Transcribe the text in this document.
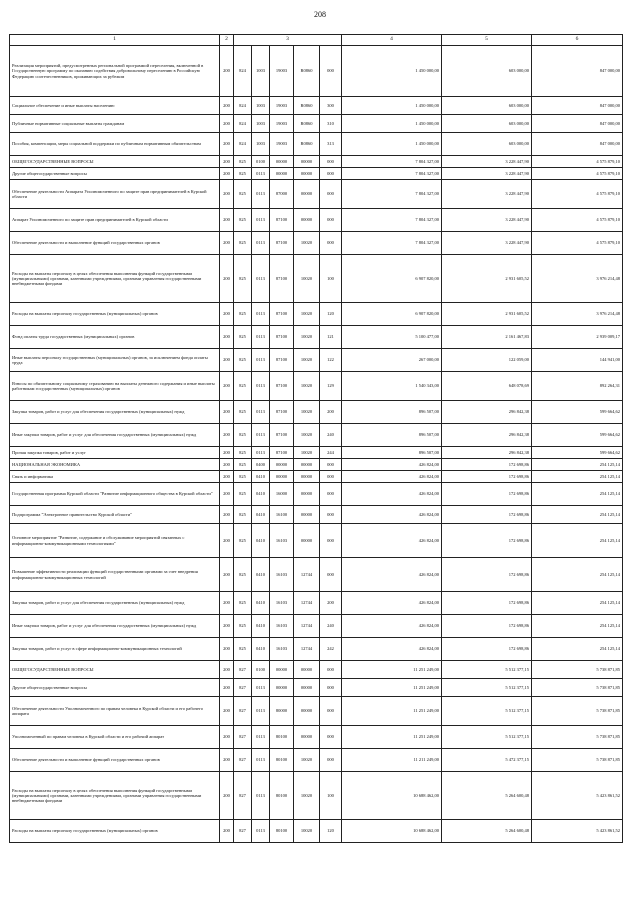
208
1	2	3					4	5	6
Реализация мероприятий, предусмотренных региональной программой переселения, включенной в Государственную программу по оказанию содействия добровольному переселению в Российскую Федерацию соотечественников, проживающих за рубежом	200	824	1003	19003	R0860	000	1 450 000,00	603 000,00	847 000,00
Социальное обеспечение и иные выплаты населению	200	824	1003	19003	R0860	300	1 450 000,00	603 000,00	847 000,00
Публичные нормативные социальные выплаты гражданам	200	824	1003	19003	R0860	310	1 450 000,00	603 000,00	847 000,00
Пособия, компенсации, меры социальной поддержки по публичным нормативным обязательствам	200	824	1003	19003	R0860	313	1 450 000,00	603 000,00	847 000,00
ОБЩЕГОСУДАРСТВЕННЫЕ ВОПРОСЫ	200	825	0100	00000	00000	000	7 804 327,00	3 228 447,90	4 575 879,10
Другие общегосударственные вопросы	200	825	0113	00000	00000	000	7 804 327,00	3 228 447,90	4 575 879,10
Обеспечение деятельности Аппарата Уполномоченного по защите прав предпринимателей в Курской области	200	825	0113	87000	00000	000	7 804 327,00	3 228 447,90	4 575 879,10
Аппарат Уполномоченного по защите прав предпринимателей в Курской области	200	825	0113	87100	00000	000	7 804 327,00	3 228 447,90	4 575 879,10
Обеспечение деятельности и выполнение функций государственных органов	200	825	0113	87100	10020	000	7 804 327,00	3 228 447,90	4 575 879,10
Расходы на выплаты персоналу в целях обеспечения выполнения функций государственными (муниципальными) органами, казенными учреждениями, органами управления государственными внебюджетными фондами	200	825	0113	87100	10020	100	6 907 820,00	2 931 605,52	3 976 214,48
Расходы на выплаты персоналу государственных (муниципальных) органов	200	825	0113	87100	10020	120	6 907 820,00	2 931 605,52	3 976 214,48
Фонд оплаты труда государственных (муниципальных) органов	200	825	0113	87100	10020	121	5 100 477,00	2 161 467,83	2 939 009,17
Иные выплаты персоналу государственных (муниципальных) органов, за исключением фонда оплаты труда	200	825	0113	87100	10020	122	267 000,00	122 059,00	144 941,00
Взносы по обязательному социальному страхованию на выплаты денежного содержания и иные выплаты работникам государственных (муниципальных) органов	200	825	0113	87100	10020	129	1 540 343,00	648 078,69	892 264,31
Закупка товаров, работ и услуг для обеспечения государственных (муниципальных) нужд	200	825	0113	87100	10020	200	896 507,00	296 842,38	599 664,62
Иные закупки товаров, работ и услуг для обеспечения государственных (муниципальных) нужд	200	825	0113	87100	10020	240	896 507,00	296 842,38	599 664,62
Прочая закупка товаров, работ и услуг	200	825	0113	87100	10020	244	896 507,00	296 842,38	599 664,62
НАЦИОНАЛЬНАЯ ЭКОНОМИКА	200	825	0400	00000	00000	000	426 824,00	172 698,86	254 125,14
Связь и информатика	200	825	0410	00000	00000	000	426 824,00	172 698,86	254 125,14
Государственная программа Курской области "Развитие информационного общества в Курской области"	200	825	0410	16000	00000	000	426 824,00	172 698,86	254 125,14
Подпрограмма "Электронное правительство Курской области"	200	825	0410	16100	00000	000	426 824,00	172 698,86	254 125,14
Основное мероприятие "Развитие, содержание и обслуживание мероприятий связанных с информационно-коммуникационными технологиями"	200	825	0410	16103	00000	000	426 824,00	172 698,86	254 125,14
Повышение эффективности реализации функций государственными органами за счет внедрения информационно-коммуникационных технологий	200	825	0410	16103	12744	000	426 824,00	172 698,86	254 125,14
Закупка товаров, работ и услуг для обеспечения государственных (муниципальных) нужд	200	825	0410	16103	12744	200	426 824,00	172 698,86	254 125,14
Иные закупки товаров, работ и услуг для обеспечения государственных (муниципальных) нужд	200	825	0410	16103	12744	240	426 824,00	172 698,86	254 125,14
Закупка товаров, работ и услуг в сфере информационно-коммуникационных технологий	200	825	0410	16103	12744	242	426 824,00	172 698,86	254 125,14
ОБЩЕГОСУДАРСТВЕННЫЕ ВОПРОСЫ	200	827	0100	00000	00000	000	11 251 249,00	5 512 377,15	5 738 871,85
Другие общегосударственные вопросы	200	827	0113	00000	00000	000	11 251 249,00	5 512 377,15	5 738 871,85
Обеспечение деятельности Уполномоченного по правам человека в Курской области и его рабочего аппарата	200	827	0113	80000	00000	000	11 251 249,00	5 512 377,15	5 738 871,85
Уполномоченный по правам человека в Курской области и его рабочий аппарат	200	827	0113	80100	00000	000	11 251 249,00	5 512 377,15	5 738 871,85
Обеспечение деятельности и выполнение функций государственных органов	200	827	0113	80100	10020	000	11 211 249,00	5 472 377,15	5 738 871,85
Расходы на выплаты персоналу в целях обеспечения выполнения функций государственными (муниципальными) органами, казенными учреждениями, органами управления государственными внебюджетными фондами	200	827	0113	80100	10020	100	10 688 462,00	5 264 600,48	5 423 861,52
Расходы на выплаты персоналу государственных (муниципальных) органов	200	827	0113	80100	10020	120	10 688 462,00	5 264 600,48	5 423 861,52
